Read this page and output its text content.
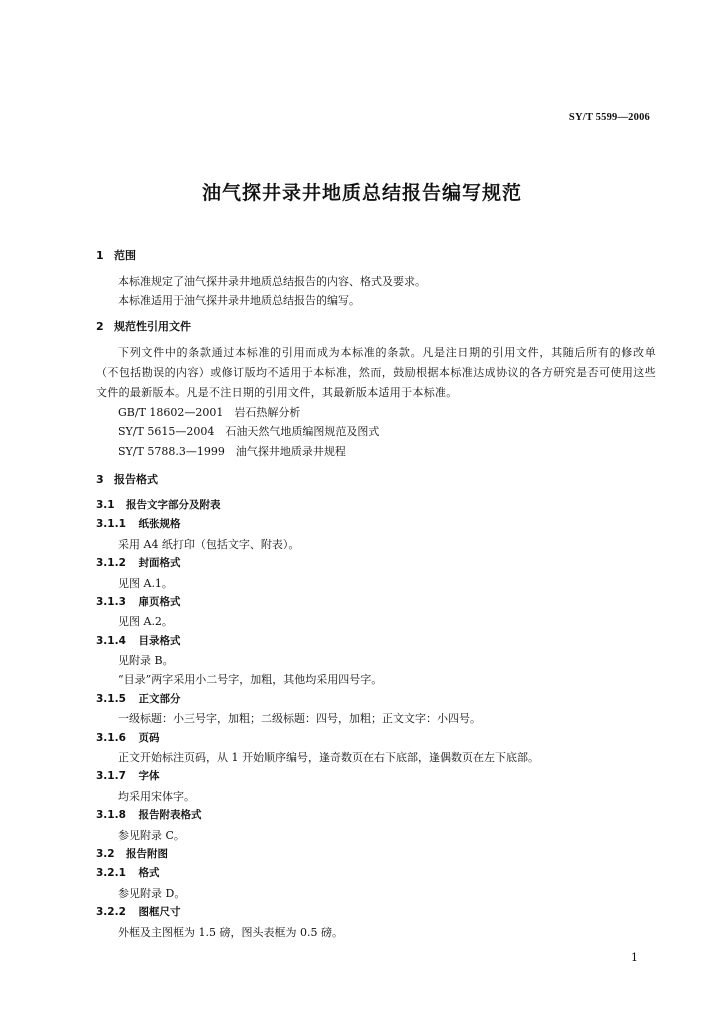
SY/T 5599—2006
油气探井录井地质总结报告编写规范
1 范围
本标准规定了油气探井录井地质总结报告的内容、格式及要求。
本标准适用于油气探井录井地质总结报告的编写。
2 规范性引用文件
下列文件中的条款通过本标准的引用而成为本标准的条款。凡是注日期的引用文件，其随后所有的修改单（不包括勘误的内容）或修订版均不适用于本标准，然而，鼓励根据本标准达成协议的各方研究是否可使用这些文件的最新版本。凡是不注日期的引用文件，其最新版本适用于本标准。
GB/T 18602—2001　岩石热解分析
SY/T 5615—2004　石油天然气地质编图规范及图式
SY/T 5788.3—1999　油气探井地质录井规程
3 报告格式
3.1 报告文字部分及附表
3.1.1　 纸张规格
采用 A4 纸打印（包括文字、附表）。
3.1.2　 封面格式
见图 A.1。
3.1.3　 扉页格式
见图 A.2。
3.1.4　 目录格式
见附录 B。
“目录”两字采用小二号字，加粗，其他均采用四号字。
3.1.5　 正文部分
一级标题：小三号字，加粗；二级标题：四号，加粗；正文文字：小四号。
3.1.6　 页码
正文开始标注页码，从 1 开始顺序编号，逢奇数页在右下底部，逢偶数页在左下底部。
3.1.7　 字体
均采用宋体字。
3.1.8　 报告附表格式
参见附录 C。
3.2 报告附图
3.2.1　 格式
参见附录 D。
3.2.2　 图框尺寸
外框及主图框为 1.5 磅，图头表框为 0.5 磅。
1
